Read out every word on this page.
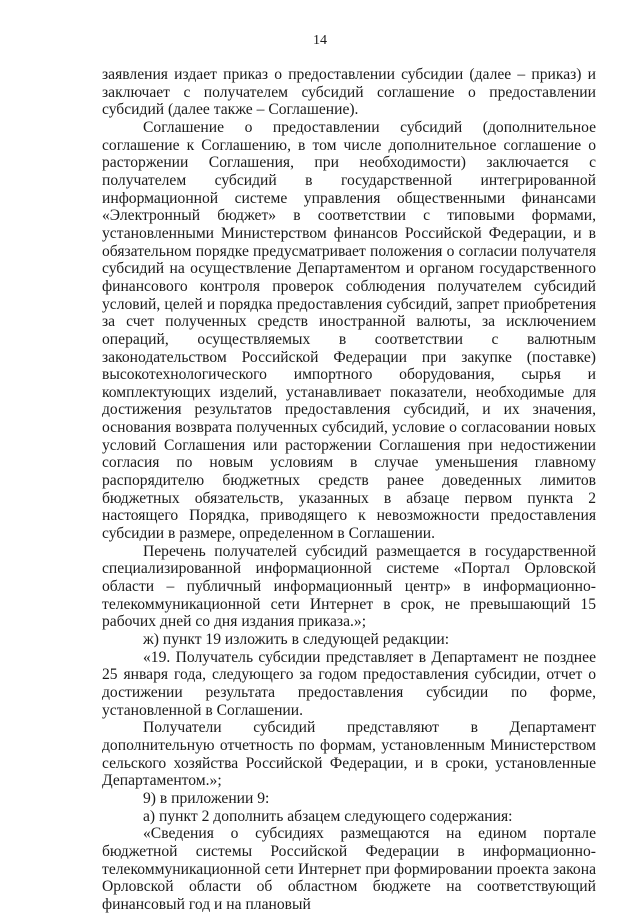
14

заявления издает приказ о предоставлении субсидии (далее – приказ) и заключает с получателем субсидий соглашение о предоставлении субсидий (далее также – Соглашение).

Соглашение о предоставлении субсидий (дополнительное соглашение к Соглашению, в том числе дополнительное соглашение о расторжении Соглашения, при необходимости) заключается с получателем субсидий в государственной интегрированной информационной системе управления общественными финансами «Электронный бюджет» в соответствии с типовыми формами, установленными Министерством финансов Российской Федерации, и в обязательном порядке предусматривает положения о согласии получателя субсидий на осуществление Департаментом и органом государственного финансового контроля проверок соблюдения получателем субсидий условий, целей и порядка предоставления субсидий, запрет приобретения за счет полученных средств иностранной валюты, за исключением операций, осуществляемых в соответствии с валютным законодательством Российской Федерации при закупке (поставке) высокотехнологического импортного оборудования, сырья и комплектующих изделий, устанавливает показатели, необходимые для достижения результатов предоставления субсидий, и их значения, основания возврата полученных субсидий, условие о согласовании новых условий Соглашения или расторжении Соглашения при недостижении согласия по новым условиям в случае уменьшения главному распорядителю бюджетных средств ранее доведенных лимитов бюджетных обязательств, указанных в абзаце первом пункта 2 настоящего Порядка, приводящего к невозможности предоставления субсидии в размере, определенном в Соглашении.

Перечень получателей субсидий размещается в государственной специализированной информационной системе «Портал Орловской области – публичный информационный центр» в информационно-телекоммуникационной сети Интернет в срок, не превышающий 15 рабочих дней со дня издания приказа.»;

ж) пункт 19 изложить в следующей редакции:

«19. Получатель субсидии представляет в Департамент не позднее 25 января года, следующего за годом предоставления субсидии, отчет о достижении результата предоставления субсидии по форме, установленной в Соглашении.

Получатели субсидий представляют в Департамент дополнительную отчетность по формам, установленным Министерством сельского хозяйства Российской Федерации, и в сроки, установленные Департаментом.»;

9) в приложении 9:

а) пункт 2 дополнить абзацем следующего содержания:

«Сведения о субсидиях размещаются на едином портале бюджетной системы Российской Федерации в информационно-телекоммуникационной сети Интернет при формировании проекта закона Орловской области об областном бюджете на соответствующий финансовый год и на плановый
